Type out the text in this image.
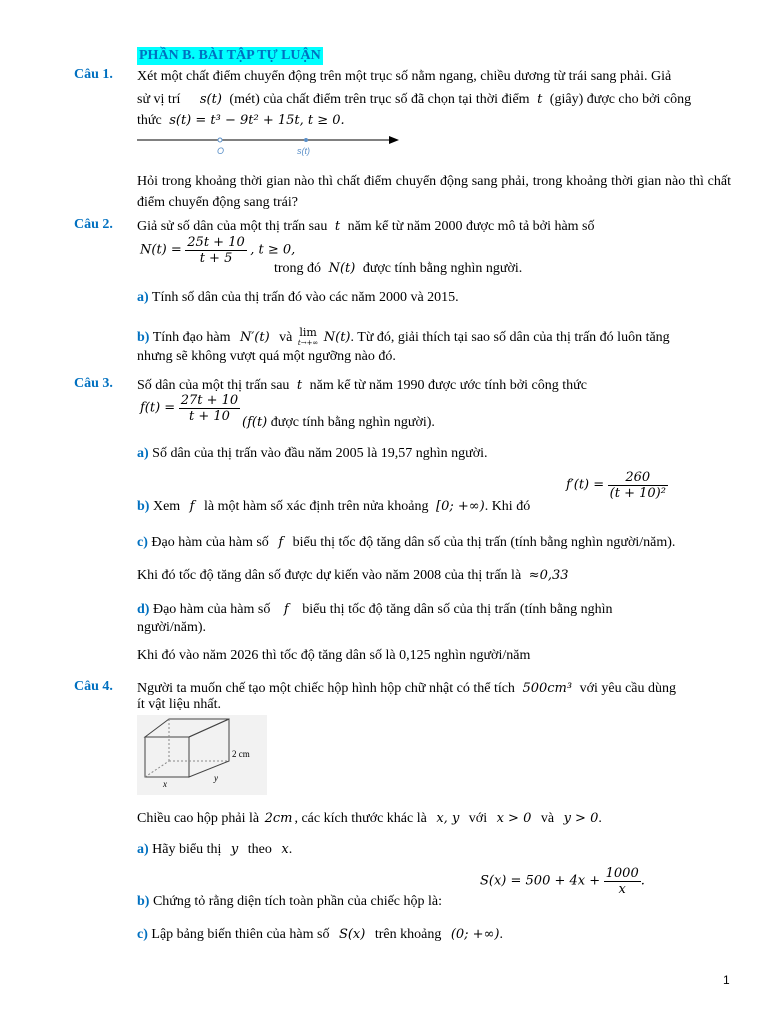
PHẦN B. BÀI TẬP TỰ LUẬN
Câu 1. Xét một chất điểm chuyển động trên một trục số nằm ngang, chiều dương từ trái sang phải. Giả
sử vị trí s(t) (mét) của chất điểm trên trục số đã chọn tại thời điểm t (giây) được cho bởi công
thức s(t) = t³ − 9t² + 15t, t ≥ 0.
O	s(t)
Hỏi trong khoảng thời gian nào thì chất điểm chuyển động sang phải, trong khoảng thời gian nào thì chất điểm chuyển động sang trái?
Câu 2. Giả sử số dân của một thị trấn sau t năm kể từ năm 2000 được mô tả bởi hàm số
$N(t) = \frac{25t + 10}{t + 5}$ , t ≥ 0,
trong đó N(t) được tính bằng nghìn người.
a) Tính số dân của thị trấn đó vào các năm 2000 và 2015.
b) Tính đạo hàm N′(t) và lim
t→+∞ N(t). Từ đó, giải thích tại sao số dân của thị trấn đó luôn tăng
nhưng sẽ không vượt quá một ngưỡng nào đó.
Câu 3. Số dân của một thị trấn sau t năm kể từ năm 1990 được ước tính bởi công thức
$f(t) = \frac{27t + 10}{t + 10} (f(t)$ được tính bằng nghìn người).
a) Số dân của thị trấn vào đầu năm 2005 là 19,57 nghìn người.
b) Xem f là một hàm số xác định trên nửa khoảng [0; +∞). Khi đó
$f'(t) = \frac{260}{\text{(t + 10)²}}$
c) Đạo hàm của hàm số f biểu thị tốc độ tăng dân số của thị trấn (tính bằng nghìn người/năm).
Khi đó tốc độ tăng dân số được dự kiến vào năm 2008 của thị trấn là ≈0,33
d) Đạo hàm của hàm số f biểu thị tốc độ tăng dân số của thị trấn (tính bằng nghìn
người/năm).
Khi đó vào năm 2026 thì tốc độ tăng dân số là 0,125 nghìn người/năm
Câu 4. Người ta muốn chế tạo một chiếc hộp hình hộp chữ nhật có thể tích 500cm³ với yêu cầu dùng
ít vật liệu nhất.
2 cm
x
y
Chiều cao hộp phải là 2cm , các kích thước khác là x, y với x > 0 và y > 0.
a) Hãy biểu thị y theo x.
b) Chứng tỏ rằng diện tích toàn phần của chiếc hộp là:
$S(x) = 500 + 4x + \frac{1000}{x}$ .
c) Lập bảng biến thiên của hàm số S(x) trên khoảng (0; +∞).
1
